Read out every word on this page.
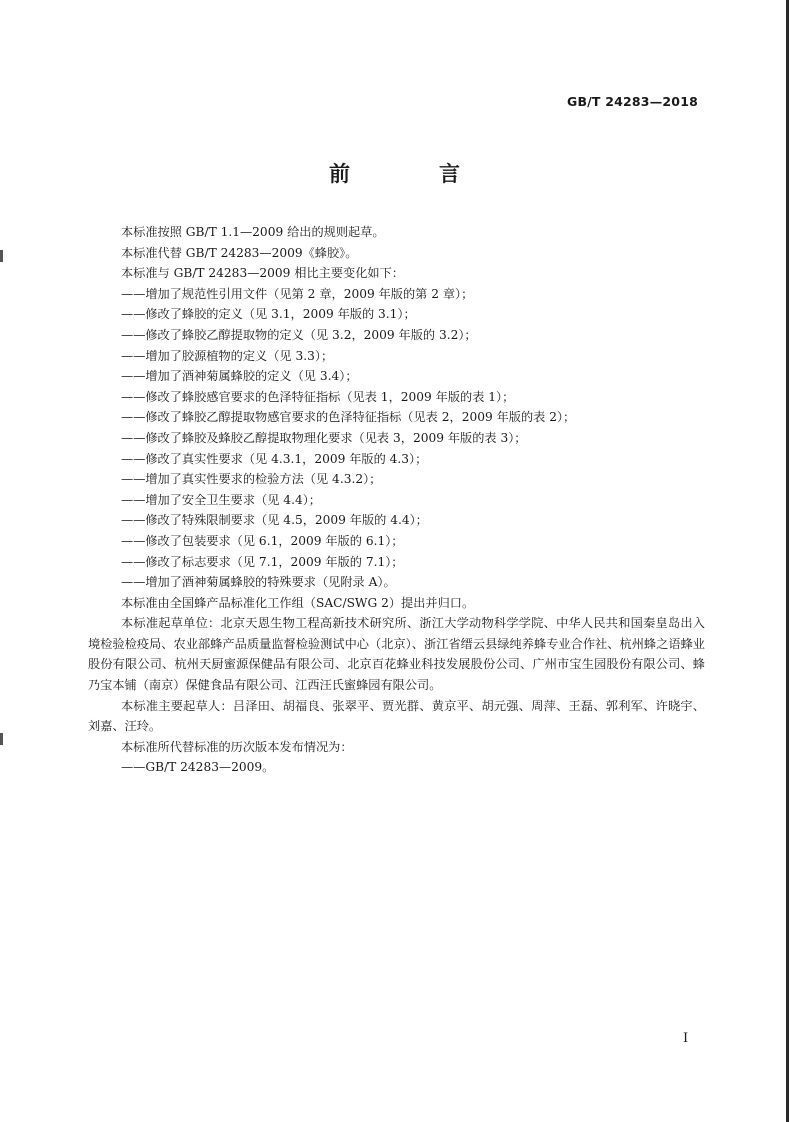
GB/T 24283—2018
前　言

本标准按照 GB/T 1.1—2009 给出的规则起草。

本标准代替 GB/T 24283—2009《蜂胶》。

本标准与 GB/T 24283—2009 相比主要变化如下：

——增加了规范性引用文件（见第 2 章，2009 年版的第 2 章）；

——修改了蜂胶的定义（见 3.1，2009 年版的 3.1）；

——修改了蜂胶乙醇提取物的定义（见 3.2，2009 年版的 3.2）；

——增加了胶源植物的定义（见 3.3）；

——增加了酒神菊属蜂胶的定义（见 3.4）；

——修改了蜂胶感官要求的色泽特征指标（见表 1，2009 年版的表 1）；

——修改了蜂胶乙醇提取物感官要求的色泽特征指标（见表 2，2009 年版的表 2）；

——修改了蜂胶及蜂胶乙醇提取物理化要求（见表 3，2009 年版的表 3）；

——修改了真实性要求（见 4.3.1，2009 年版的 4.3）；

——增加了真实性要求的检验方法（见 4.3.2）；

——增加了安全卫生要求（见 4.4）；

——修改了特殊限制要求（见 4.5，2009 年版的 4.4）；

——修改了包装要求（见 6.1，2009 年版的 6.1）；

——修改了标志要求（见 7.1，2009 年版的 7.1）；

——增加了酒神菊属蜂胶的特殊要求（见附录 A）。

本标准由全国蜂产品标准化工作组（SAC/SWG 2）提出并归口。

本标准起草单位：北京天恩生物工程高新技术研究所、浙江大学动物科学学院、中华人民共和国秦皇岛出入境检验检疫局、农业部蜂产品质量监督检验测试中心（北京）、浙江省缙云县绿纯养蜂专业合作社、杭州蜂之语蜂业股份有限公司、杭州天厨蜜源保健品有限公司、北京百花蜂业科技发展股份公司、广州市宝生园股份有限公司、蜂乃宝本铺（南京）保健食品有限公司、江西汪氏蜜蜂园有限公司。

本标准主要起草人：吕泽田、胡福良、张翠平、贾光群、黄京平、胡元强、周萍、王磊、郭利军、许晓宇、刘嘉、汪玲。

本标准所代替标准的历次版本发布情况为：

——GB/T 24283—2009。

I
